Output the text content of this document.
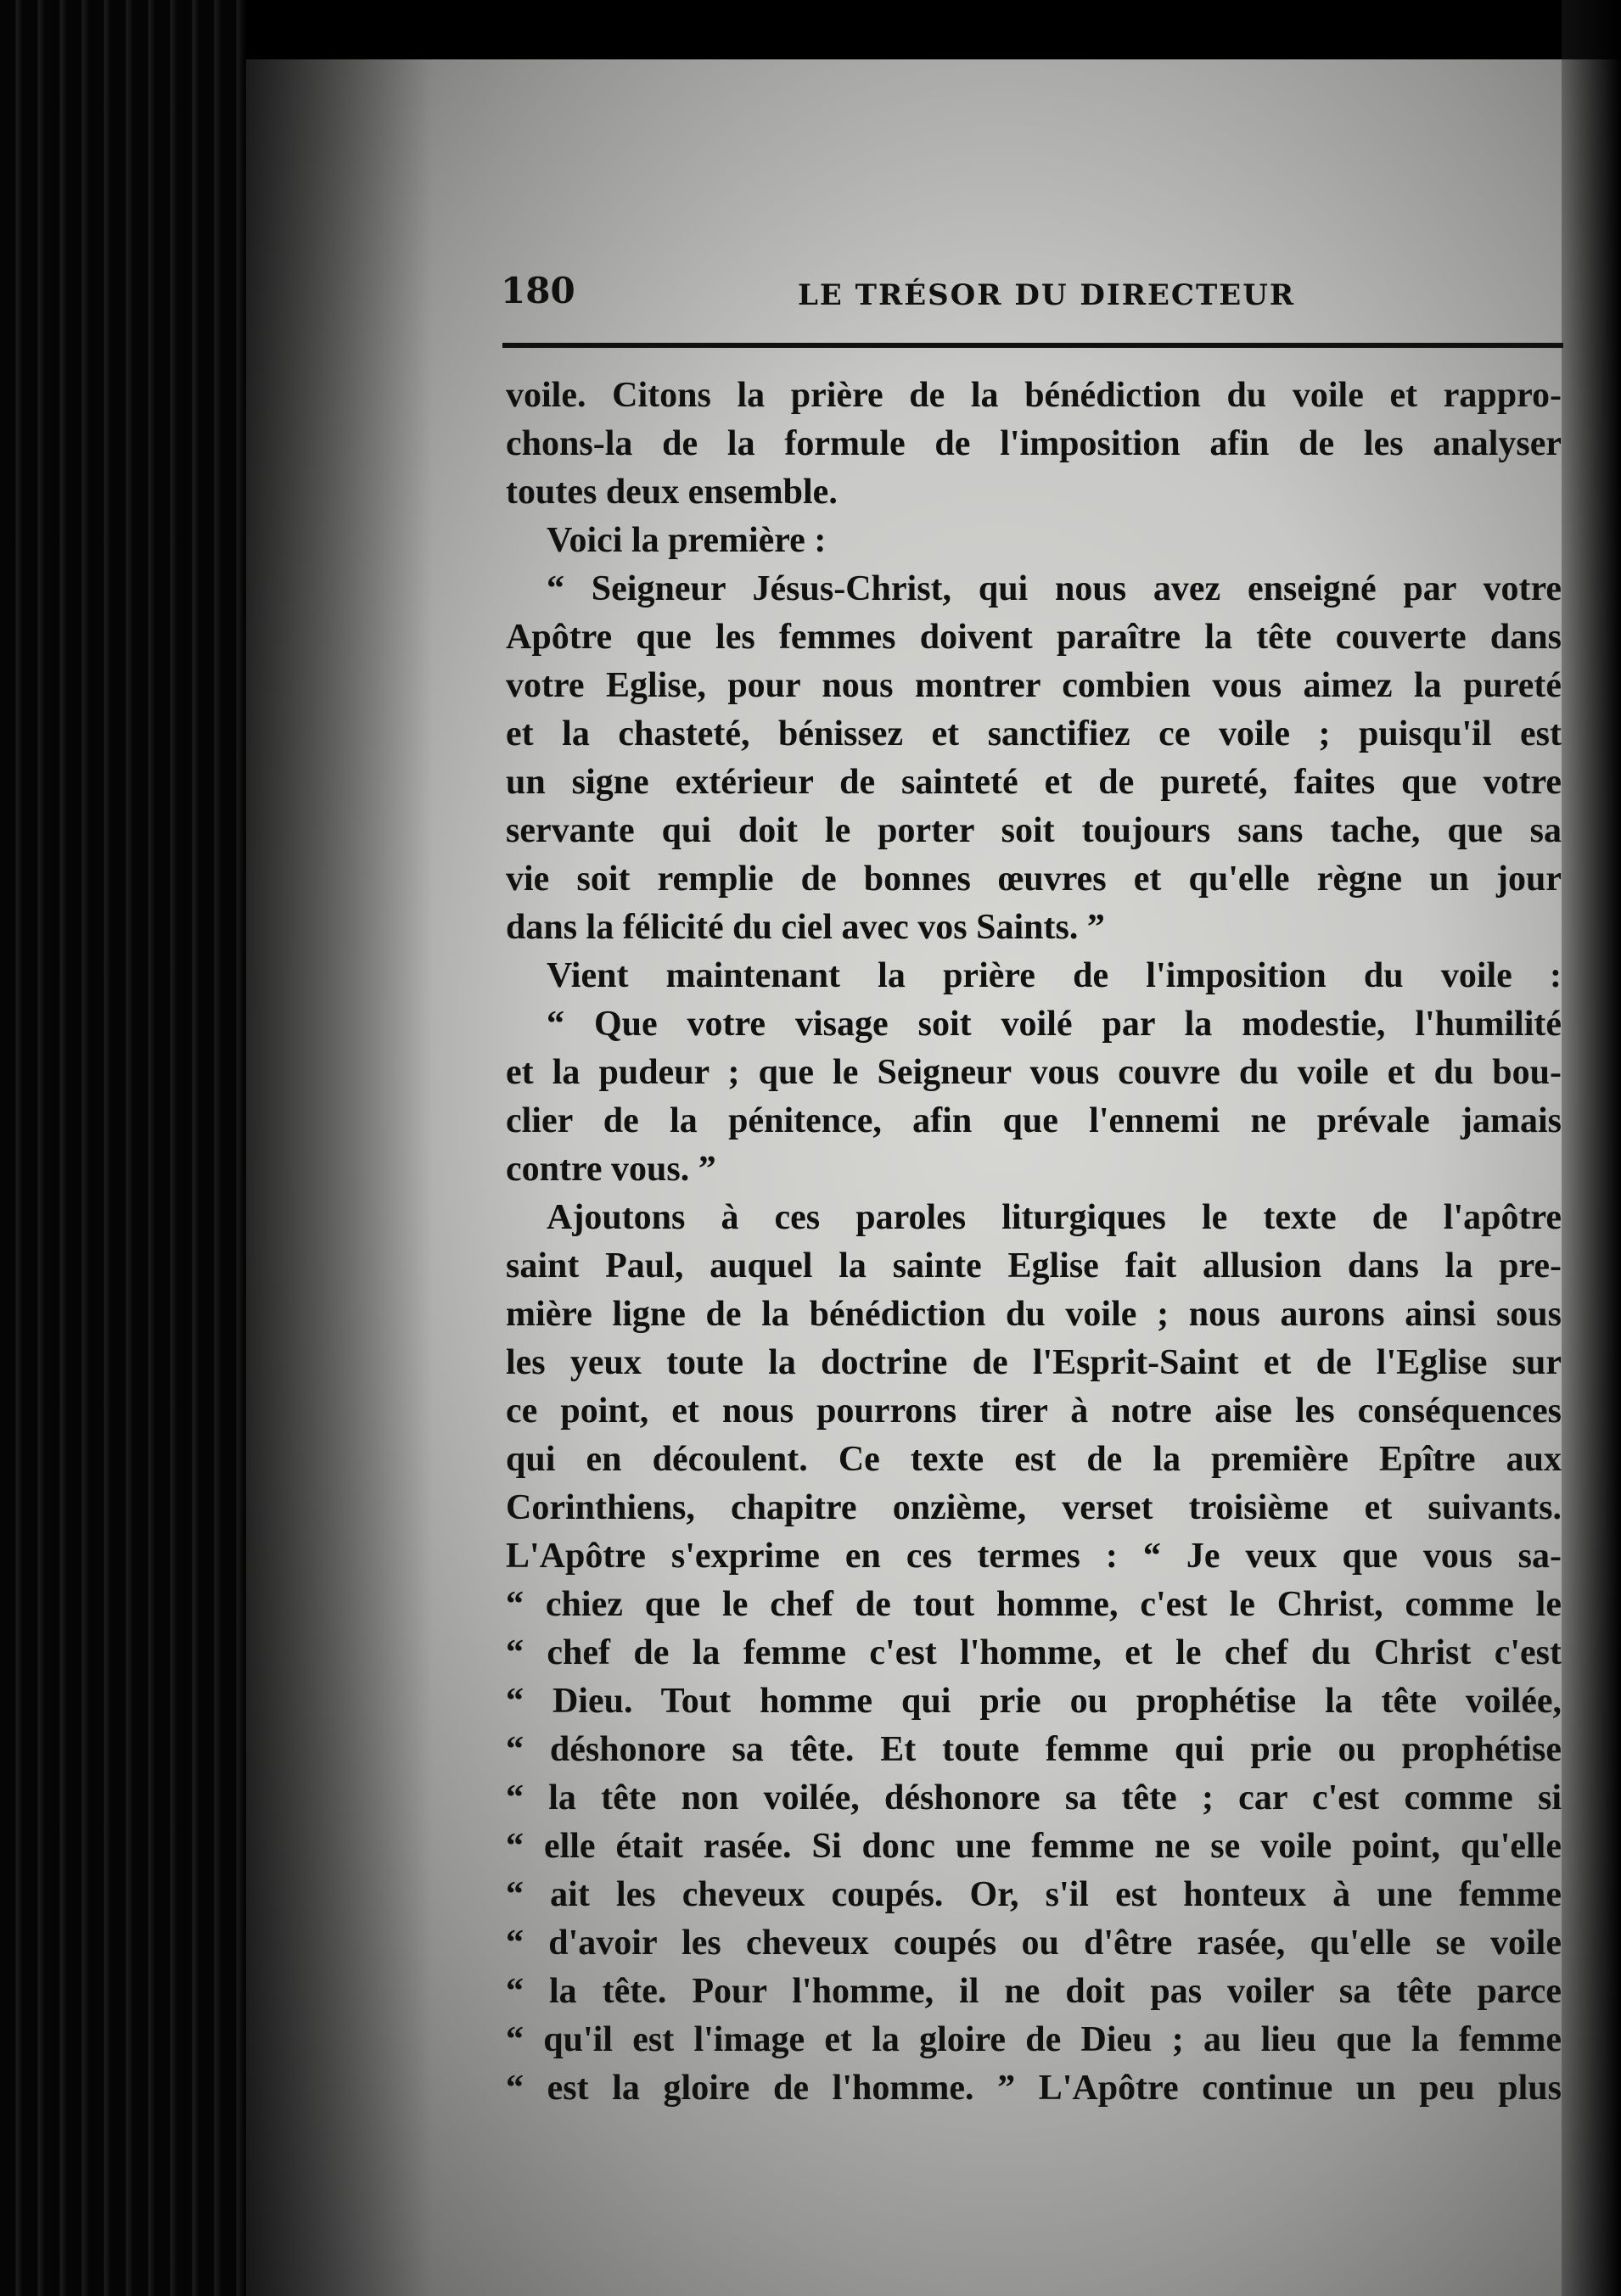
180	LE TRÉSOR DU DIRECTEUR
voile. Citons la prière de la bénédiction du voile et rappro-
chons-la de la formule de l'imposition afin de les analyser
toutes deux ensemble.
Voici la première :
“ Seigneur Jésus-Christ, qui nous avez enseigné par votre
Apôtre que les femmes doivent paraître la tête couverte dans
votre Eglise, pour nous montrer combien vous aimez la pureté
et la chasteté, bénissez et sanctifiez ce voile ; puisqu'il est
un signe extérieur de sainteté et de pureté, faites que votre
servante qui doit le porter soit toujours sans tache, que sa
vie soit remplie de bonnes œuvres et qu'elle règne un jour
dans la félicité du ciel avec vos Saints. ”
Vient maintenant la prière de l'imposition du voile :
“ Que votre visage soit voilé par la modestie, l'humilité
et la pudeur ; que le Seigneur vous couvre du voile et du bou-
clier de la pénitence, afin que l'ennemi ne prévale jamais
contre vous. ”
Ajoutons à ces paroles liturgiques le texte de l'apôtre
saint Paul, auquel la sainte Eglise fait allusion dans la pre-
mière ligne de la bénédiction du voile ; nous aurons ainsi sous
les yeux toute la doctrine de l'Esprit-Saint et de l'Eglise sur
ce point, et nous pourrons tirer à notre aise les conséquences
qui en découlent. Ce texte est de la première Epître aux
Corinthiens, chapitre onzième, verset troisième et suivants.
L'Apôtre s'exprime en ces termes : “ Je veux que vous sa-
“ chiez que le chef de tout homme, c'est le Christ, comme le
“ chef de la femme c'est l'homme, et le chef du Christ c'est
“ Dieu. Tout homme qui prie ou prophétise la tête voilée,
“ déshonore sa tête. Et toute femme qui prie ou prophétise
“ la tête non voilée, déshonore sa tête ; car c'est comme si
“ elle était rasée. Si donc une femme ne se voile point, qu'elle
“ ait les cheveux coupés. Or, s'il est honteux à une femme
“ d'avoir les cheveux coupés ou d'être rasée, qu'elle se voile
“ la tête. Pour l'homme, il ne doit pas voiler sa tête parce
“ qu'il est l'image et la gloire de Dieu ; au lieu que la femme
“ est la gloire de l'homme. ” L'Apôtre continue un peu plus
